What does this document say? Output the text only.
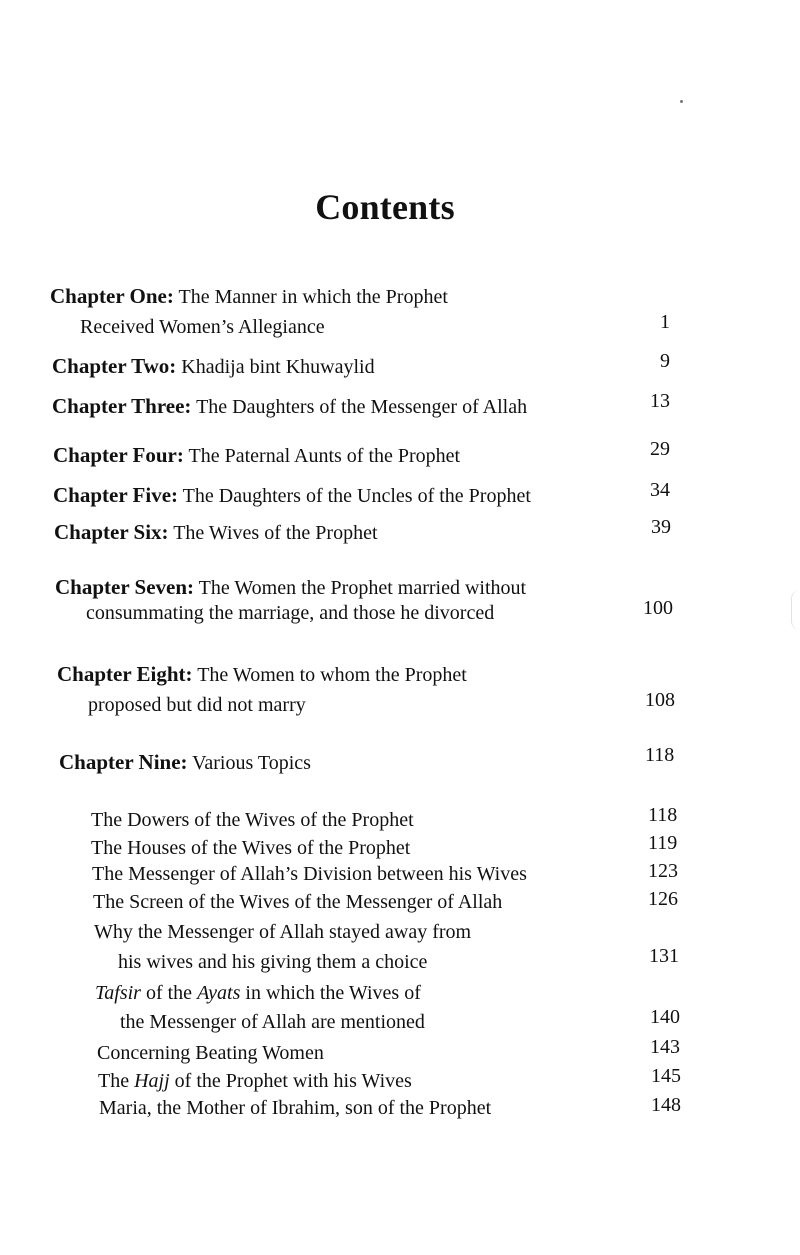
Contents
Chapter One: The Manner in which the Prophet
Received Women’s Allegiance	1
Chapter Two: Khadija bint Khuwaylid	9
Chapter Three: The Daughters of the Messenger of Allah	13
Chapter Four: The Paternal Aunts of the Prophet	29
Chapter Five: The Daughters of the Uncles of the Prophet	34
Chapter Six: The Wives of the Prophet	39
Chapter Seven: The Women the Prophet married without
consummating the marriage, and those he divorced	100
Chapter Eight: The Women to whom the Prophet
proposed but did not marry	108
Chapter Nine: Various Topics	118
The Dowers of the Wives of the Prophet	118
The Houses of the Wives of the Prophet	119
The Messenger of Allah’s Division between his Wives	123
The Screen of the Wives of the Messenger of Allah	126
Why the Messenger of Allah stayed away from
his wives and his giving them a choice	131
Tafsir of the Ayats in which the Wives of
the Messenger of Allah are mentioned	140
Concerning Beating Women	143
The Hajj of the Prophet with his Wives	145
Maria, the Mother of Ibrahim, son of the Prophet	148
